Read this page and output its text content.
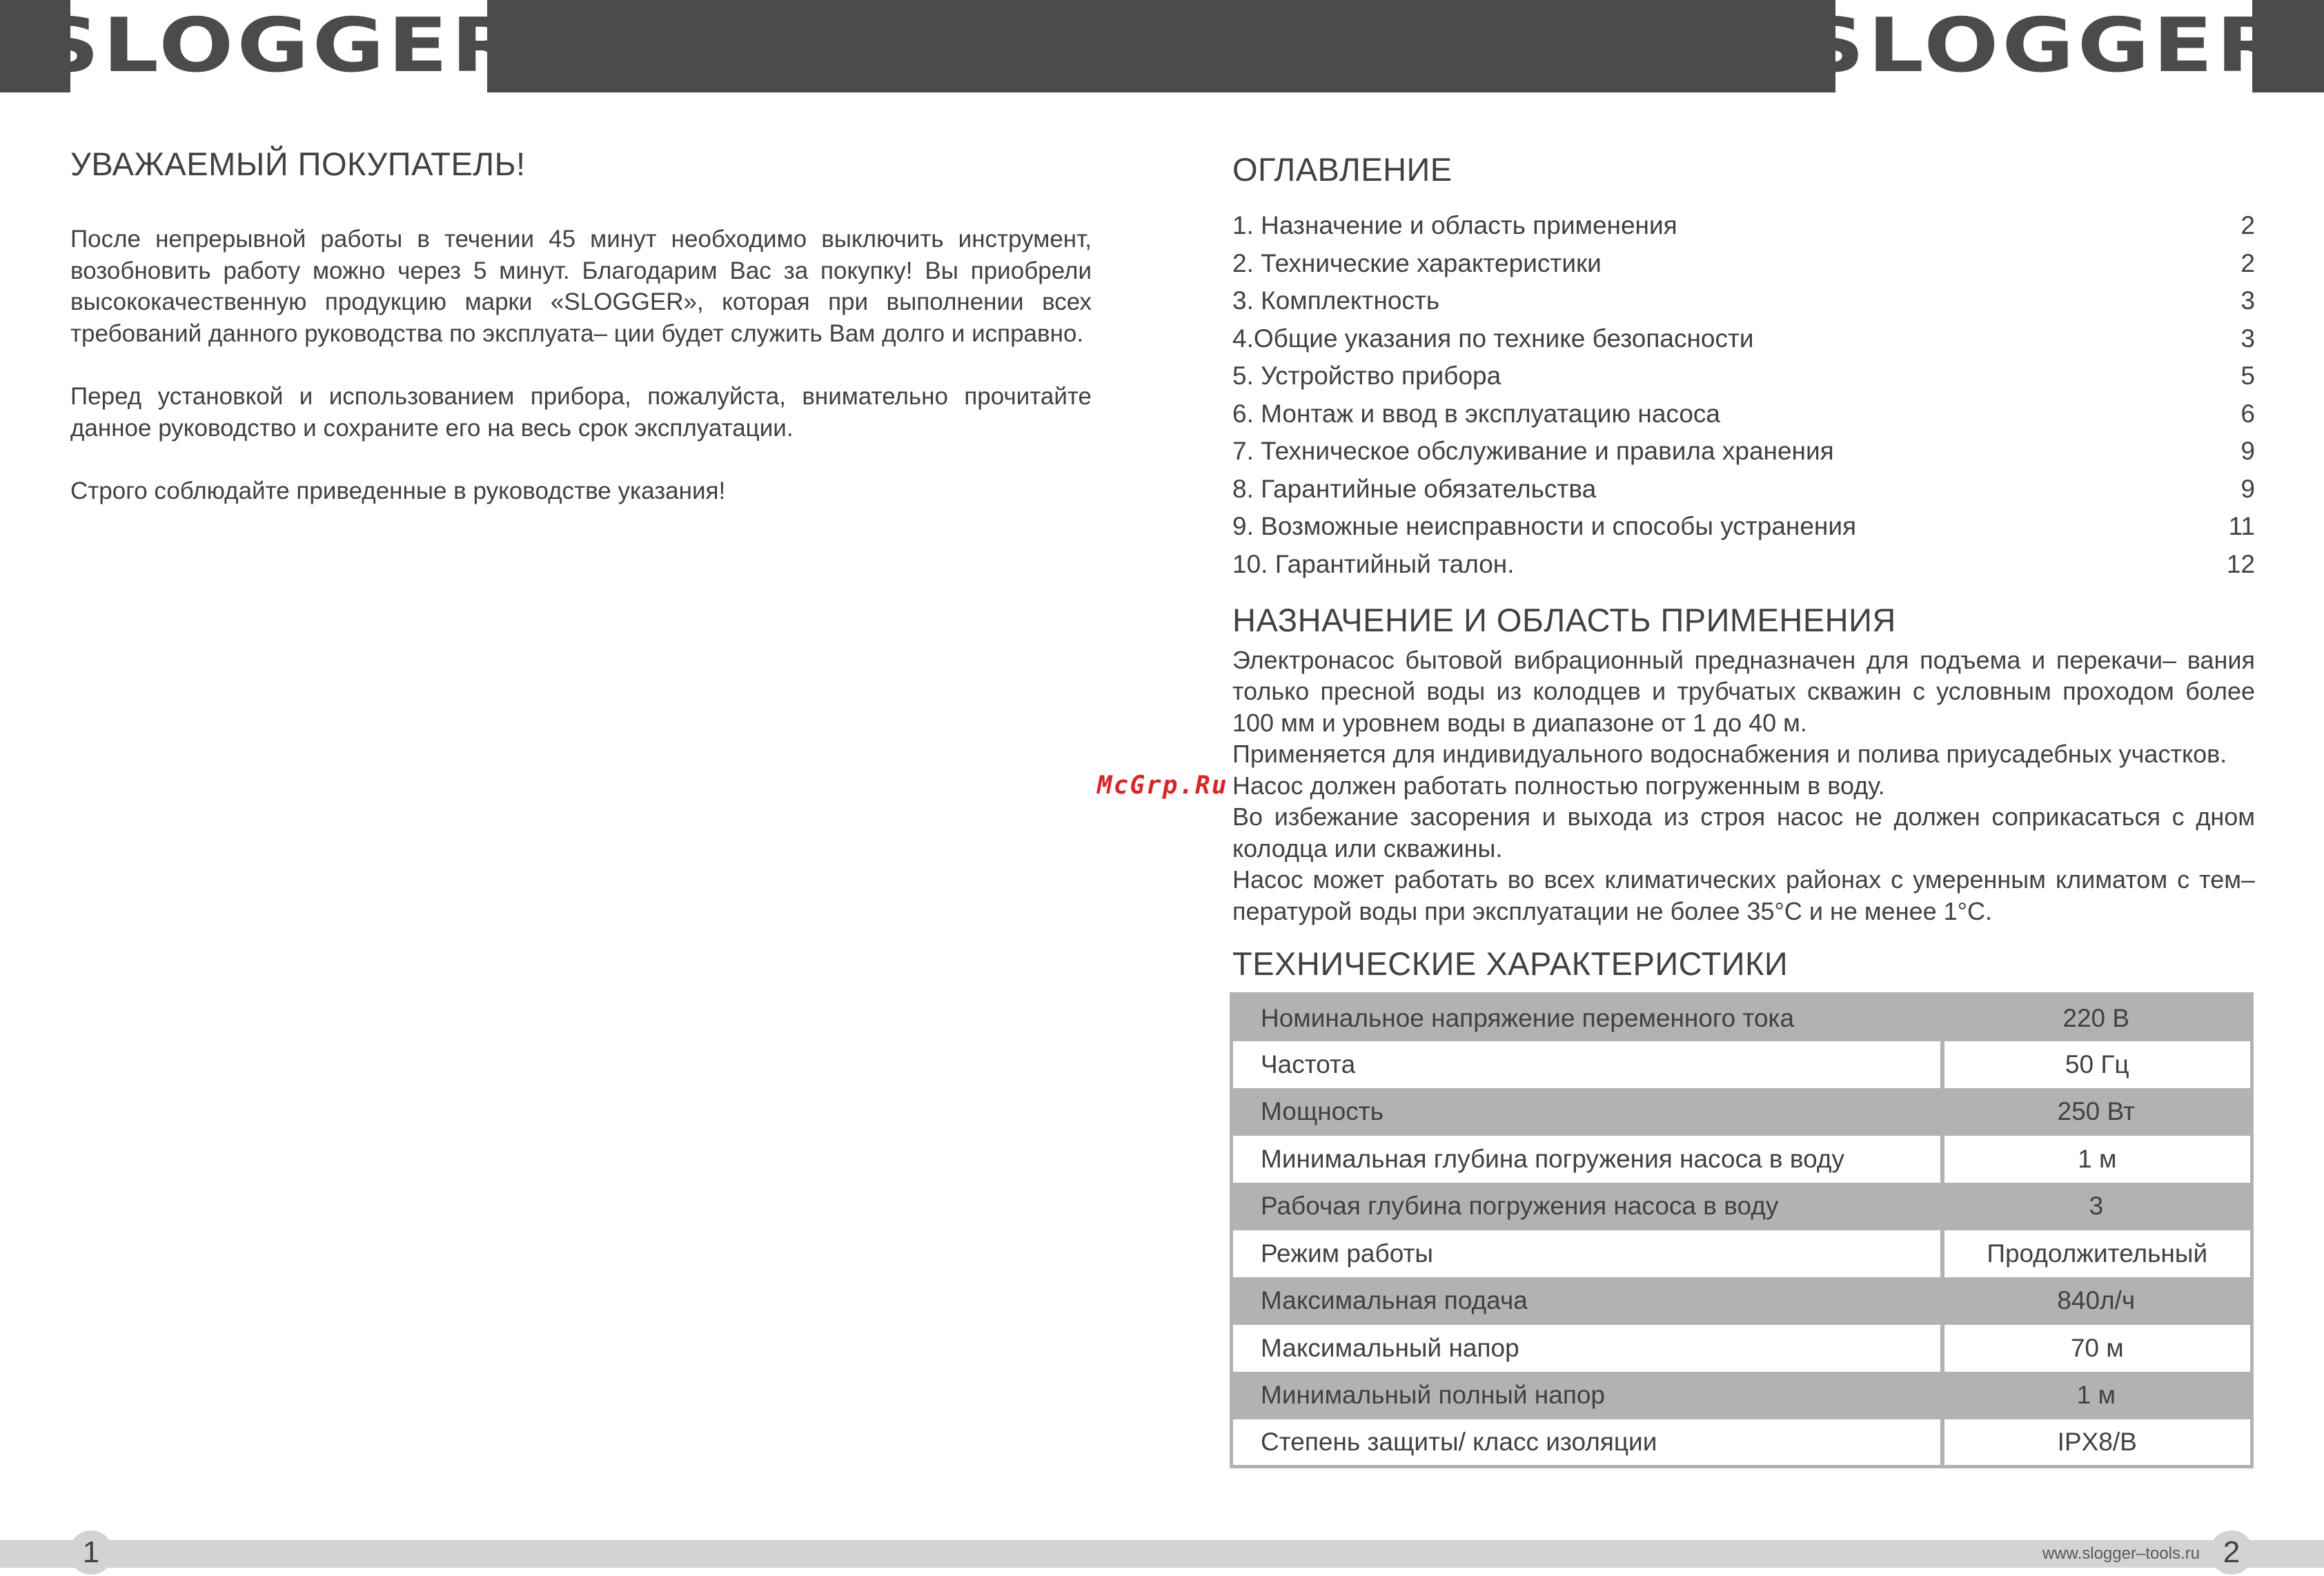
SLOGGER	SLOGGER
УВАЖАЕМЫЙ ПОКУПАТЕЛЬ!

После непрерывной работы в течении 45 минут необходимо выключить инструмент, возобновить работу можно через 5 минут. Благодарим Вас за покупку! Вы приобрели высококачественную продукцию марки «SLOGGER», которая при выполнении всех требований данного руководства по эксплуата– ции будет служить Вам долго и исправно.

Перед установкой и использованием прибора, пожалуйста, внимательно прочитайте данное руководство и сохраните его на весь срок эксплуатации.

Строго соблюдайте приведенные в руководстве указания!

ОГЛАВЛЕНИЕ
1. Назначение и область применения	2
2. Технические характеристики	2
3. Комплектность	3
4.Общие указания по технике безопасности	3
5. Устройство прибора	5
6. Монтаж и ввод в эксплуатацию насоса	6
7. Техническое обслуживание и правила хранения	9
8. Гарантийные обязательства	9
9. Возможные неисправности и способы устранения	11
10. Гарантийный талон.	12
НАЗНАЧЕНИЕ И ОБЛАСТЬ ПРИМЕНЕНИЯ

Электронасос бытовой вибрационный предназначен для подъема и перекачи– вания только пресной воды из колодцев и трубчатых скважин с условным проходом более 100 мм и уровнем воды в диапазоне от 1 до 40 м.

Применяется для индивидуального водоснабжения и полива приусадебных участков.

Насос должен работать полностью погруженным в воду.

Во избежание засорения и выхода из строя насос не должен соприкасаться с дном колодца или скважины.

Насос может работать во всех климатических районах с умеренным климатом с тем– пературой воды при эксплуатации не более 35°С и не менее 1°С.

ТЕХНИЧЕСКИЕ ХАРАКТЕРИСТИКИ
Номинальное напряжение переменного тока	220 В
Частота	50 Гц
Мощность	250 Вт
Минимальная глубина погружения насоса в воду	1 м
Рабочая глубина погружения насоса в воду	3
Режим работы	Продолжительный
Максимальная подача	840л/ч
Максимальный напор	70 м
Минимальный полный напор	1 м
Степень защиты/ класс изоляции	IPX8/B
McGrp.Ru
1	www.slogger–tools.ru 2
